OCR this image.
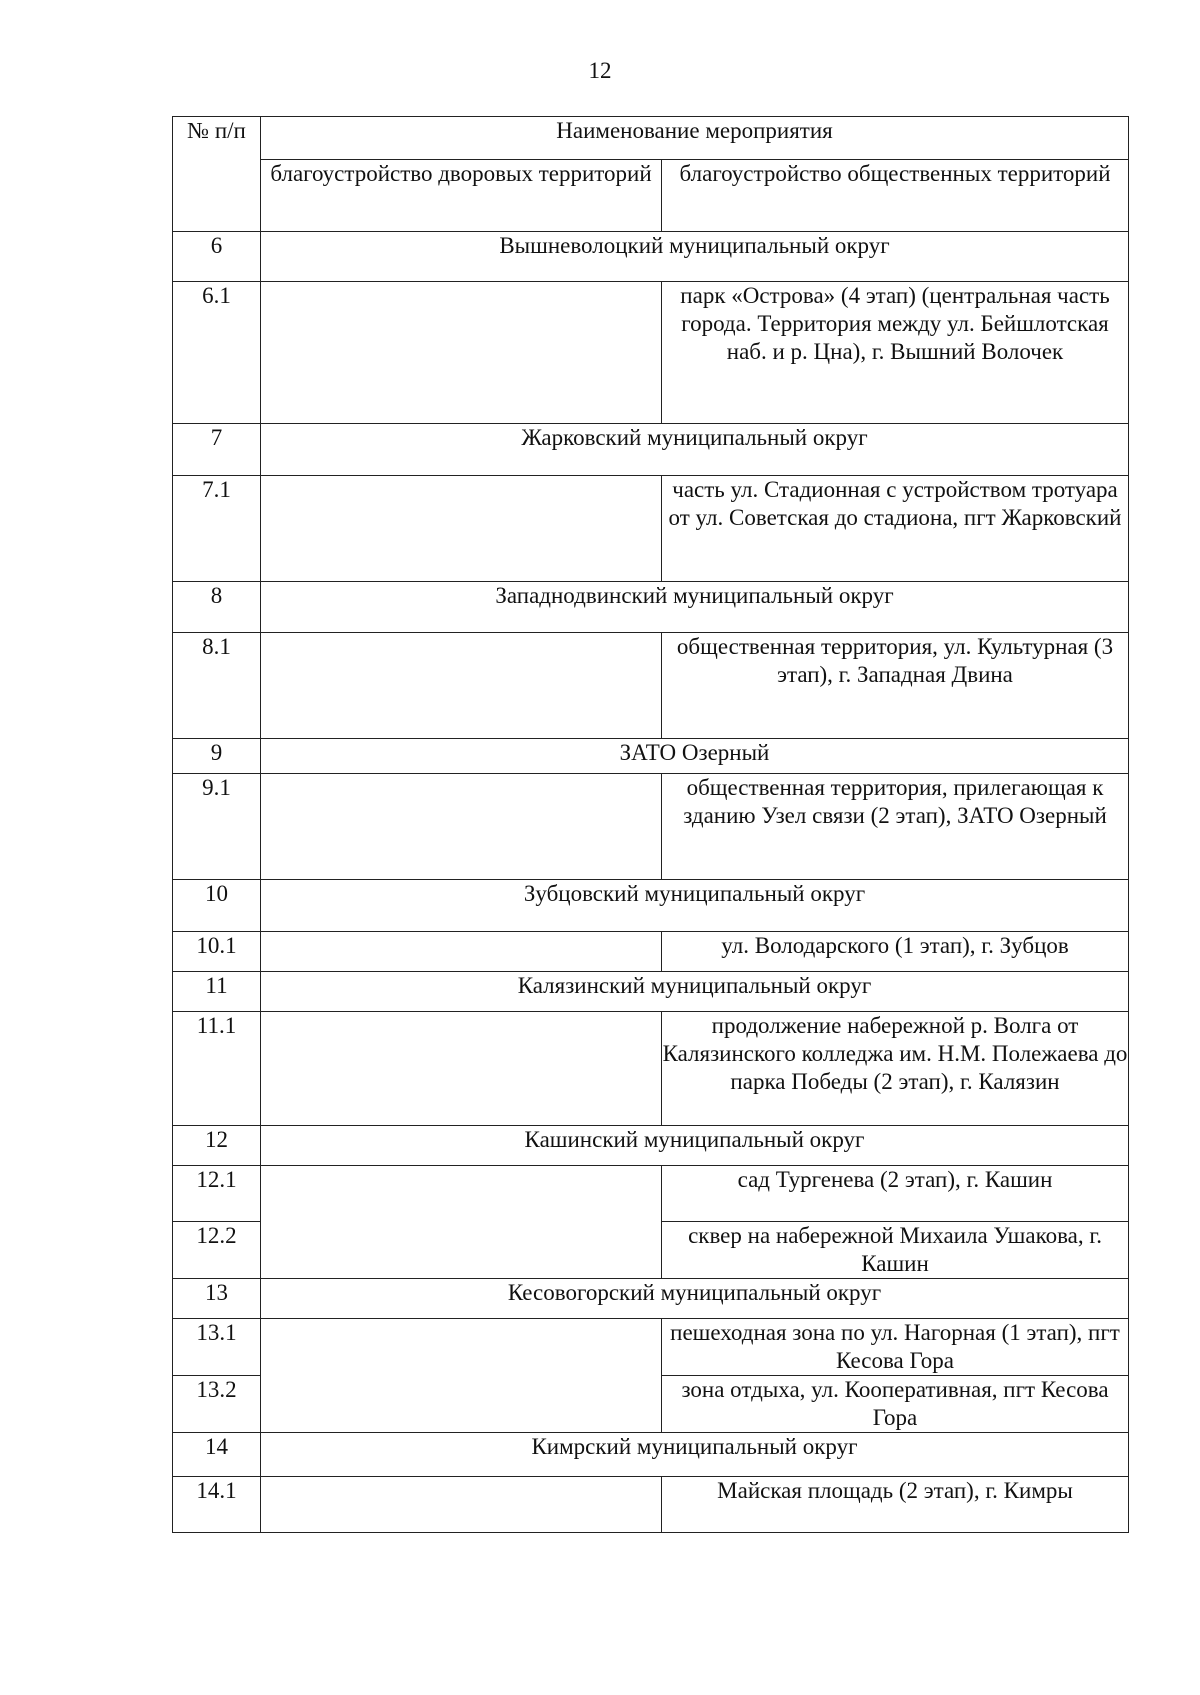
12
№ п/п	Наименование мероприятия	
	благоустройство дворовых территорий	благоустройство общественных территорий
6	Вышневолоцкий муниципальный округ	
6.1		парк «Острова» (4 этап) (центральная часть города. Территория между ул. Бейшлотская наб. и р. Цна), г. Вышний Волочек
7	Жарковский муниципальный округ	
7.1		часть ул. Стадионная с устройством тротуара от ул. Советская до стадиона, пгт Жарковский
8	Западнодвинский муниципальный округ	
8.1		общественная территория, ул. Культурная (3 этап), г. Западная Двина
9	ЗАТО Озерный	
9.1		общественная территория, прилегающая к зданию Узел связи (2 этап), ЗАТО Озерный
10	Зубцовский муниципальный округ	
10.1		ул. Володарского (1 этап), г. Зубцов
11	Калязинский муниципальный округ	
11.1		продолжение набережной р. Волга от Калязинского колледжа им. Н.М. Полежаева до парка Победы (2 этап), г. Калязин
12	Кашинский муниципальный округ	
12.1		сад Тургенева (2 этап), г. Кашин
12.2		сквер на набережной Михаила Ушакова, г. Кашин
13	Кесовогорский муниципальный округ	
13.1		пешеходная зона по ул. Нагорная (1 этап), пгт Кесова Гора
13.2		зона отдыха, ул. Кооперативная, пгт Кесова Гора
14	Кимрский муниципальный округ	
14.1		Майская площадь (2 этап), г. Кимры
